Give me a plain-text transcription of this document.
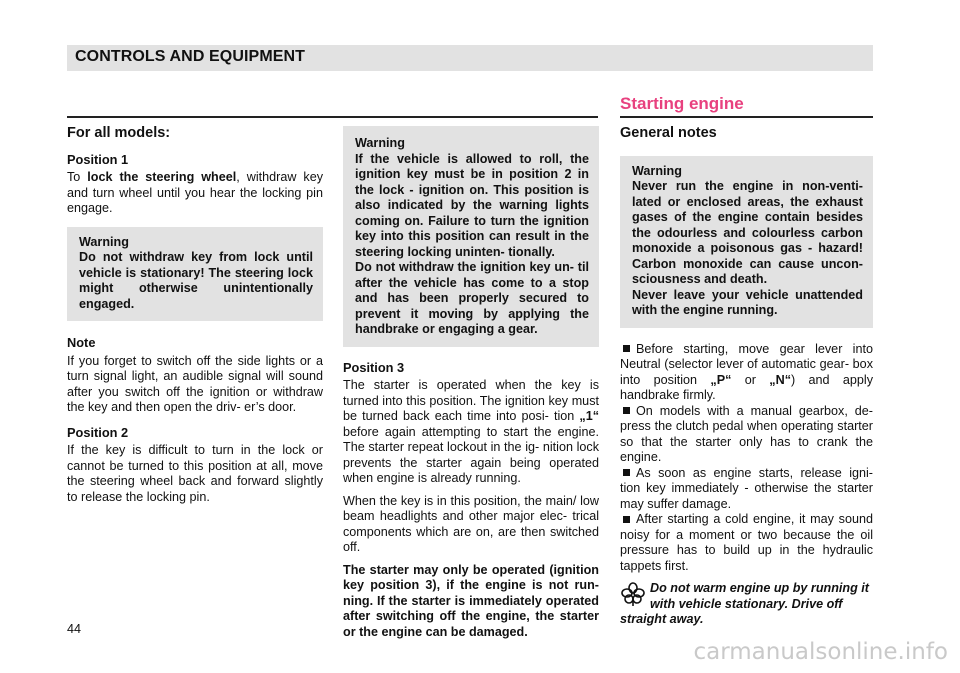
CONTROLS AND EQUIPMENT
Starting engine
For all models:
Position 1

To lock the steering wheel, withdraw key and turn wheel until you hear the locking pin engage.

Warning
Do not withdraw key from lock until vehicle is stationary! The steering lock might otherwise unintentionally engaged.
Note

If you forget to switch off the side lights or a turn signal light, an audible signal will sound after you switch off the ignition or withdraw the key and then open the driv- er’s door.

Position 2

If the key is difficult to turn in the lock or cannot be turned to this position at all, move the steering wheel back and forward slightly to release the locking pin.

Warning
If the vehicle is allowed to roll, the ignition key must be in position 2 in the lock - ignition on. This position is also indicated by the warning lights coming on. Failure to turn the ignition key into this position can result in the steering locking uninten- tionally.
Do not withdraw the ignition key un- til after the vehicle has come to a stop and has been properly secured to prevent it moving by applying the handbrake or engaging a gear.
Position 3

The starter is operated when the key is turned into this position. The ignition key must be turned back each time into posi- tion „1“ before again attempting to start the engine. The starter repeat lockout in the ig- nition lock prevents the starter again being operated when engine is already running.

When the key is in this position, the main/ low beam headlights and other major elec- trical components which are on, are then switched off.

The starter may only be operated (ignition key position 3), if the engine is not run- ning. If the starter is immediately operated after switching off the engine, the starter or the engine can be damaged.

General notes
Warning
Never run the engine in non-venti- lated or enclosed areas, the exhaust gases of the engine contain besides the odourless and colourless carbon monoxide a poisonous gas - hazard! Carbon monoxide can cause uncon- sciousness and death.
Never leave your vehicle unattended with the engine running.

Before starting, move gear lever into Neutral (selector lever of automatic gear- box into position „P“ or „N“) and apply handbrake firmly.

On models with a manual gearbox, de- press the clutch pedal when operating starter so that the starter only has to crank the engine.

As soon as engine starts, release igni- tion key immediately - otherwise the starter may suffer damage.

After starting a cold engine, it may sound noisy for a moment or two because the oil pressure has to build up in the hydraulic tappets first.

Do not warm engine up by running it with vehicle stationary. Drive off straight away.
44
carmanualsonline.info
